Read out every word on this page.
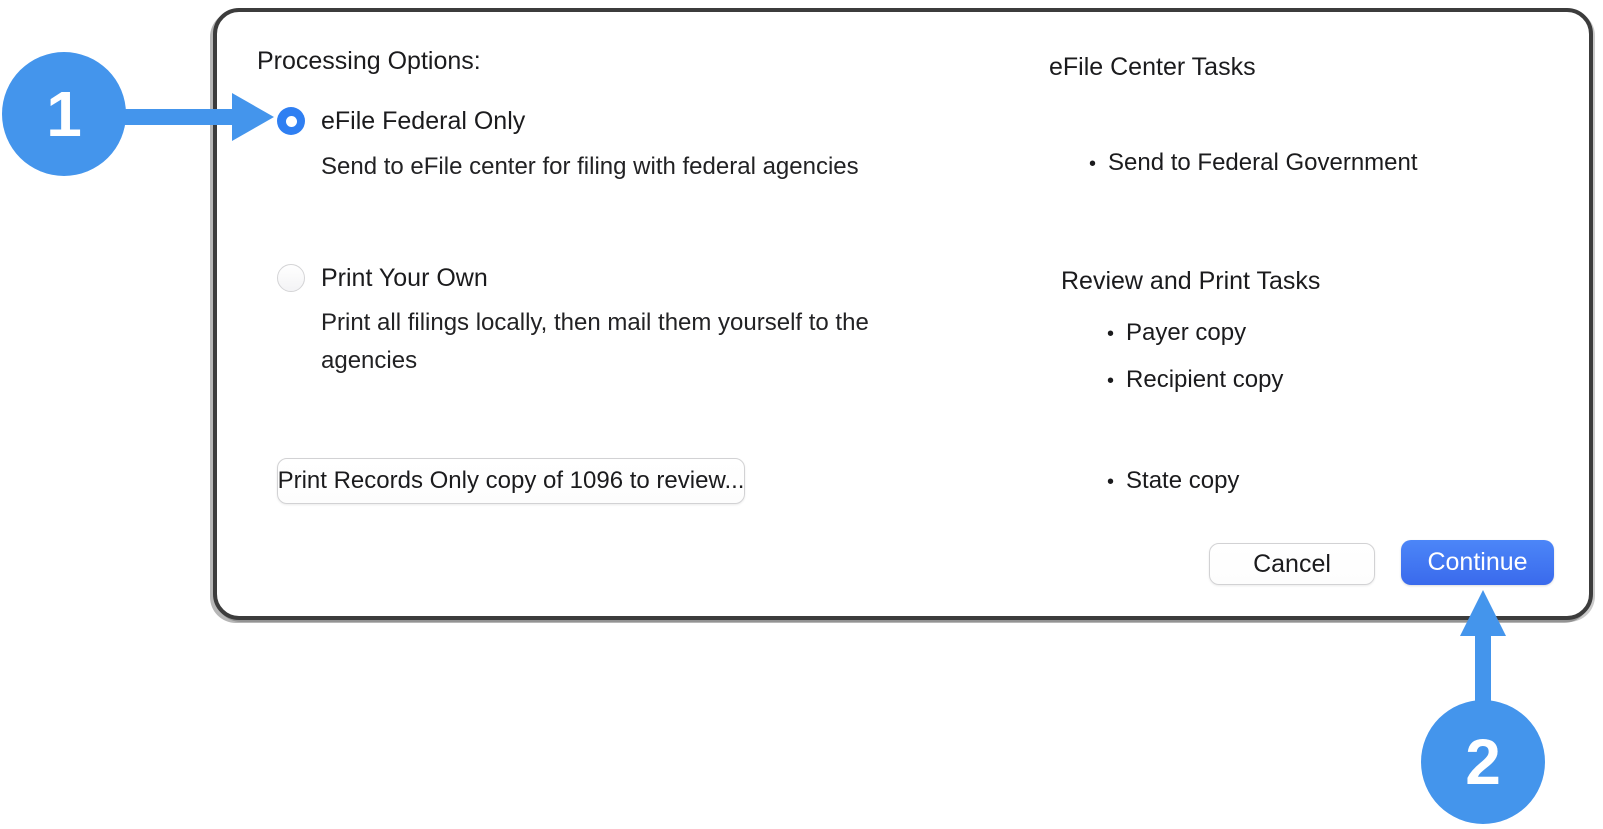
Processing Options:
eFile Federal Only
Send to eFile center for filing with federal agencies
Print Your Own
Print all filings locally, then mail them yourself to the agencies
Print Records Only copy of 1096 to review...
eFile Center Tasks
• Send to Federal Government
Review and Print Tasks
• Payer copy
• Recipient copy
• State copy
Cancel	Continue
1
2
